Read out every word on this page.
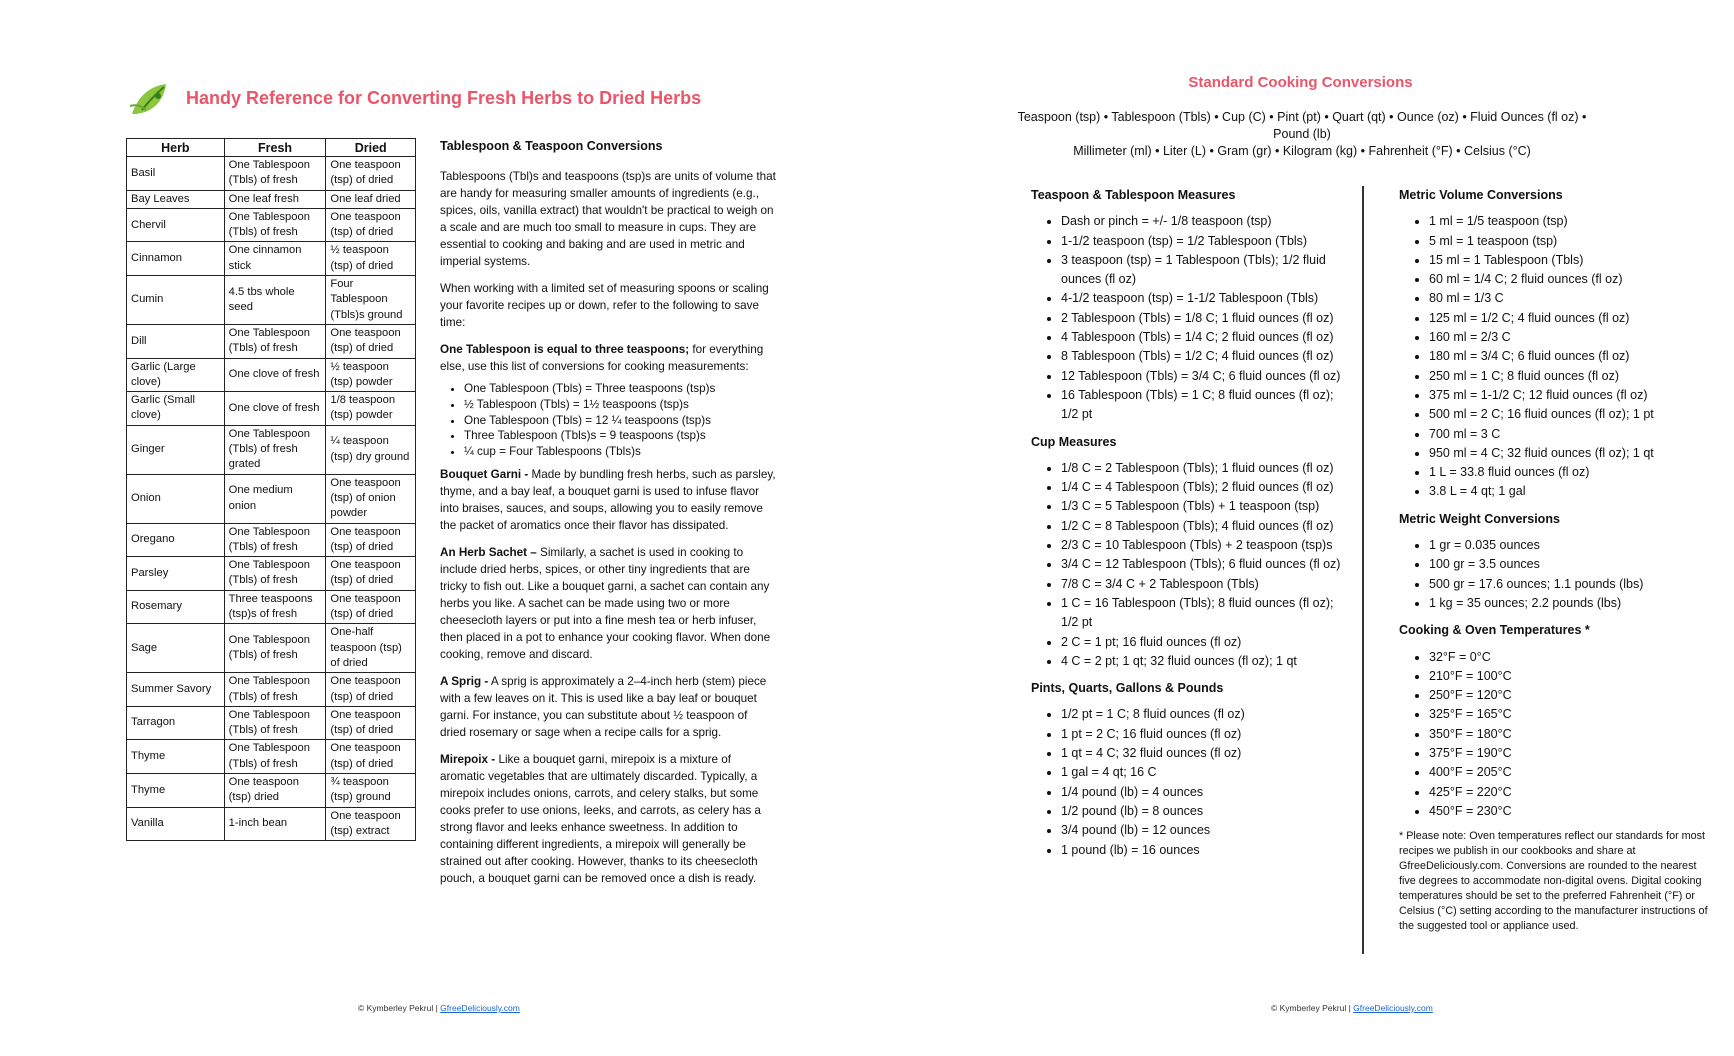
Handy Reference for Converting Fresh Herbs to Dried Herbs
Herb	Fresh	Dried
Basil	One Tablespoon (Tbls) of fresh	One teaspoon (tsp) of dried
Bay Leaves	One leaf fresh	One leaf dried
Chervil	One Tablespoon (Tbls) of fresh	One teaspoon (tsp) of dried
Cinnamon	One cinnamon stick	½ teaspoon (tsp) of dried
Cumin	4.5 tbs whole seed	Four Tablespoon (Tbls)s ground
Dill	One Tablespoon (Tbls) of fresh	One teaspoon (tsp) of dried
Garlic (Large clove)	One clove of fresh	½ teaspoon (tsp) powder
Garlic (Small clove)	One clove of fresh	1/8 teaspoon (tsp) powder
Ginger	One Tablespoon (Tbls) of fresh grated	¼ teaspoon (tsp) dry ground
Onion	One medium onion	One teaspoon (tsp) of onion powder
Oregano	One Tablespoon (Tbls) of fresh	One teaspoon (tsp) of dried
Parsley	One Tablespoon (Tbls) of fresh	One teaspoon (tsp) of dried
Rosemary	Three teaspoons (tsp)s of fresh	One teaspoon (tsp) of dried
Sage	One Tablespoon (Tbls) of fresh	One-half teaspoon (tsp) of dried
Summer Savory	One Tablespoon (Tbls) of fresh	One teaspoon (tsp) of dried
Tarragon	One Tablespoon (Tbls) of fresh	One teaspoon (tsp) of dried
Thyme	One Tablespoon (Tbls) of fresh	One teaspoon (tsp) of dried
Thyme	One teaspoon (tsp) dried	¾ teaspoon (tsp) ground
Vanilla	1-inch bean	One teaspoon (tsp) extract
Tablespoon & Teaspoon Conversions

Tablespoons (Tbl)s and teaspoons (tsp)s are units of volume that are handy for measuring smaller amounts of ingredients (e.g., spices, oils, vanilla extract) that wouldn't be practical to weigh on a scale and are much too small to measure in cups. They are essential to cooking and baking and are used in metric and imperial systems.

When working with a limited set of measuring spoons or scaling your favorite recipes up or down, refer to the following to save time:

One Tablespoon is equal to three teaspoons; for everything else, use this list of conversions for cooking measurements:

• One Tablespoon (Tbls) = Three teaspoons (tsp)s
• ½ Tablespoon (Tbls) = 1½ teaspoons (tsp)s
• One Tablespoon (Tbls) = 12 ¼ teaspoons (tsp)s
• Three Tablespoon (Tbls)s = 9 teaspoons (tsp)s
• ¼ cup = Four Tablespoons (Tbls)s

Bouquet Garni - Made by bundling fresh herbs, such as parsley, thyme, and a bay leaf, a bouquet garni is used to infuse flavor into braises, sauces, and soups, allowing you to easily remove the packet of aromatics once their flavor has dissipated.

An Herb Sachet – Similarly, a sachet is used in cooking to include dried herbs, spices, or other tiny ingredients that are tricky to fish out. Like a bouquet garni, a sachet can contain any herbs you like. A sachet can be made using two or more cheesecloth layers or put into a fine mesh tea or herb infuser, then placed in a pot to enhance your cooking flavor. When done cooking, remove and discard.

A Sprig - A sprig is approximately a 2–4-inch herb (stem) piece with a few leaves on it. This is used like a bay leaf or bouquet garni. For instance, you can substitute about ½ teaspoon of dried rosemary or sage when a recipe calls for a sprig.

Mirepoix - Like a bouquet garni, mirepoix is a mixture of aromatic vegetables that are ultimately discarded. Typically, a mirepoix includes onions, carrots, and celery stalks, but some cooks prefer to use onions, leeks, and carrots, as celery has a strong flavor and leeks enhance sweetness. In addition to containing different ingredients, a mirepoix will generally be strained out after cooking. However, thanks to its cheesecloth pouch, a bouquet garni can be removed once a dish is ready.

© Kymberley Pekrul | GfreeDeliciously.com
Standard Cooking Conversions
Teaspoon (tsp) • Tablespoon (Tbls) • Cup (C) • Pint (pt) • Quart (qt) • Ounce (oz) • Fluid Ounces (fl oz) • Pound (lb)
Millimeter (ml) • Liter (L) • Gram (gr) • Kilogram (kg) • Fahrenheit (°F) • Celsius (°C)
Teaspoon & Tablespoon Measures
• Dash or pinch = +/- 1/8 teaspoon (tsp)
• 1-1/2 teaspoon (tsp) = 1/2 Tablespoon (Tbls)
• 3 teaspoon (tsp) = 1 Tablespoon (Tbls); 1/2 fluid ounces (fl oz)
• 4-1/2 teaspoon (tsp) = 1-1/2 Tablespoon (Tbls)
• 2 Tablespoon (Tbls) = 1/8 C; 1 fluid ounces (fl oz)
• 4 Tablespoon (Tbls) = 1/4 C; 2 fluid ounces (fl oz)
• 8 Tablespoon (Tbls) = 1/2 C; 4 fluid ounces (fl oz)
• 12 Tablespoon (Tbls) = 3/4 C; 6 fluid ounces (fl oz)
• 16 Tablespoon (Tbls) = 1 C; 8 fluid ounces (fl oz); 1/2 pt
Cup Measures
• 1/8 C = 2 Tablespoon (Tbls); 1 fluid ounces (fl oz)
• 1/4 C = 4 Tablespoon (Tbls); 2 fluid ounces (fl oz)
• 1/3 C = 5 Tablespoon (Tbls) + 1 teaspoon (tsp)
• 1/2 C = 8 Tablespoon (Tbls); 4 fluid ounces (fl oz)
• 2/3 C = 10 Tablespoon (Tbls) + 2 teaspoon (tsp)s
• 3/4 C = 12 Tablespoon (Tbls); 6 fluid ounces (fl oz)
• 7/8 C = 3/4 C + 2 Tablespoon (Tbls)
• 1 C = 16 Tablespoon (Tbls); 8 fluid ounces (fl oz); 1/2 pt
• 2 C = 1 pt; 16 fluid ounces (fl oz)
• 4 C = 2 pt; 1 qt; 32 fluid ounces (fl oz); 1 qt
Pints, Quarts, Gallons & Pounds
• 1/2 pt = 1 C; 8 fluid ounces (fl oz)
• 1 pt = 2 C; 16 fluid ounces (fl oz)
• 1 qt = 4 C; 32 fluid ounces (fl oz)
• 1 gal = 4 qt; 16 C
• 1/4 pound (lb) = 4 ounces
• 1/2 pound (lb) = 8 ounces
• 3/4 pound (lb) = 12 ounces
• 1 pound (lb) = 16 ounces
Metric Volume Conversions
• 1 ml = 1/5 teaspoon (tsp)
• 5 ml = 1 teaspoon (tsp)
• 15 ml = 1 Tablespoon (Tbls)
• 60 ml = 1/4 C; 2 fluid ounces (fl oz)
• 80 ml = 1/3 C
• 125 ml = 1/2 C; 4 fluid ounces (fl oz)
• 160 ml = 2/3 C
• 180 ml = 3/4 C; 6 fluid ounces (fl oz)
• 250 ml = 1 C; 8 fluid ounces (fl oz)
• 375 ml = 1-1/2 C; 12 fluid ounces (fl oz)
• 500 ml = 2 C; 16 fluid ounces (fl oz); 1 pt
• 700 ml = 3 C
• 950 ml = 4 C; 32 fluid ounces (fl oz); 1 qt
• 1 L = 33.8 fluid ounces (fl oz)
• 3.8 L = 4 qt; 1 gal
Metric Weight Conversions
• 1 gr = 0.035 ounces
• 100 gr = 3.5 ounces
• 500 gr = 17.6 ounces; 1.1 pounds (lbs)
• 1 kg = 35 ounces; 2.2 pounds (lbs)
Cooking & Oven Temperatures *
• 32°F = 0°C
• 210°F = 100°C
• 250°F = 120°C
• 325°F = 165°C
• 350°F = 180°C
• 375°F = 190°C
• 400°F = 205°C
• 425°F = 220°C
• 450°F = 230°C
* Please note: Oven temperatures reflect our standards for most recipes we publish in our cookbooks and share at GfreeDeliciously.com. Conversions are rounded to the nearest five degrees to accommodate non-digital ovens. Digital cooking temperatures should be set to the preferred Fahrenheit (°F) or Celsius (°C) setting according to the manufacturer instructions of the suggested tool or appliance used.
© Kymberley Pekrul | GfreeDeliciously.com
